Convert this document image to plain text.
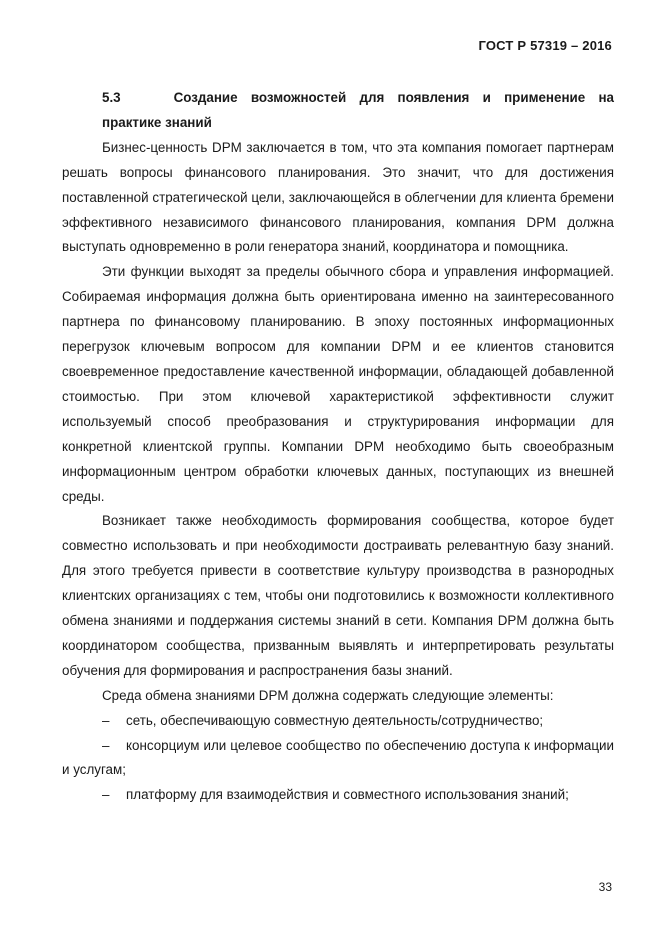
ГОСТ Р 57319 – 2016
5.3	Создание возможностей для появления и применение на
практике знаний

Бизнес-ценность DPM заключается в том, что эта компания помогает партнерам решать вопросы финансового планирования. Это значит, что для достижения поставленной стратегической цели, заключающейся в облегчении для клиента бремени эффективного независимого финансового планирования, компания DPM должна выступать одновременно в роли генератора знаний, координатора и помощника.

Эти функции выходят за пределы обычного сбора и управления информацией. Собираемая информация должна быть ориентирована именно на заинтересованного партнера по финансовому планированию. В эпоху постоянных информационных перегрузок ключевым вопросом для компании DPM и ее клиентов становится своевременное предоставление качественной информации, обладающей добавленной стоимостью. При этом ключевой характеристикой эффективности служит используемый способ преобразования и структурирования информации для конкретной клиентской группы. Компании DPM необходимо быть своеобразным информационным центром обработки ключевых данных, поступающих из внешней среды.

Возникает также необходимость формирования сообщества, которое будет совместно использовать и при необходимости достраивать релевантную базу знаний. Для этого требуется привести в соответствие культуру производства в разнородных клиентских организациях с тем, чтобы они подготовились к возможности коллективного обмена знаниями и поддержания системы знаний в сети. Компания DPM должна быть координатором сообщества, призванным выявлять и интерпретировать результаты обучения для формирования и распространения базы знаний.

Среда обмена знаниями DPM должна содержать следующие элементы:

– сеть, обеспечивающую совместную деятельность/сотрудничество;

– консорциум или целевое сообщество по обеспечению доступа к информации и услугам;

– платформу для взаимодействия и совместного использования знаний;

33
